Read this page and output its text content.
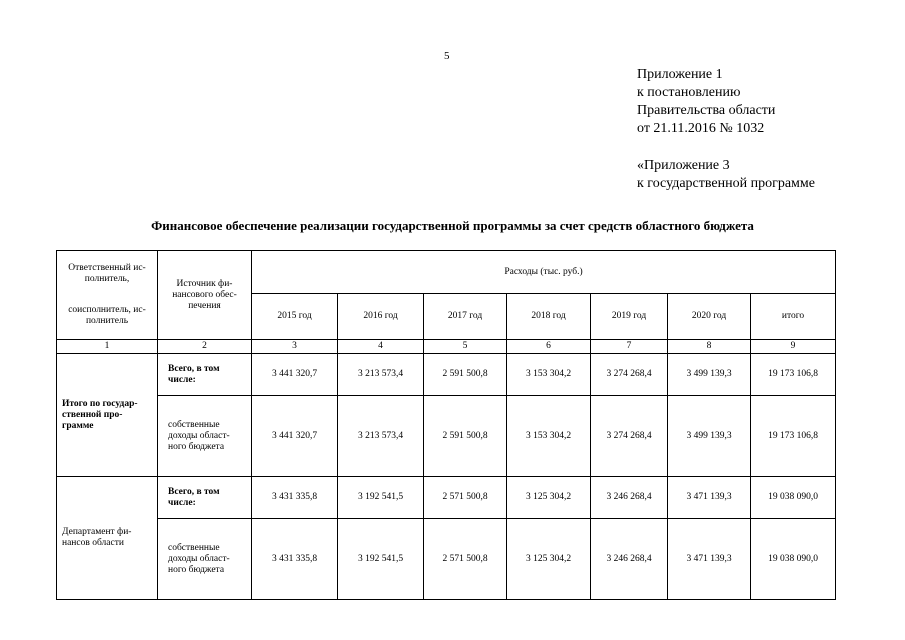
5
Приложение 1
к постановлению
Правительства области
от 21.11.2016 № 1032
«Приложение 3
к государственной программе
Финансовое обеспечение реализации государственной программы за счет средств областного бюджета
Ответственный ис-
полнитель,
соисполнитель, ис-
полнитель	Источник фи-
нансового обес-
печения	Расходы (тыс. руб.)						
		2015 год	2016 год	2017 год	2018 год	2019 год	2020 год	итого
1	2	3	4	5	6	7	8	9
Итого по государ-
ственной про-
грамме	Всего, в том
числе:	3 441 320,7	3 213 573,4	2 591 500,8	3 153 304,2	3 274 268,4	3 499 139,3	19 173 106,8
	собственные
доходы област-
ного бюджета	3 441 320,7	3 213 573,4	2 591 500,8	3 153 304,2	3 274 268,4	3 499 139,3	19 173 106,8
Департамент фи-
нансов области	Всего, в том
числе:	3 431 335,8	3 192 541,5	2 571 500,8	3 125 304,2	3 246 268,4	3 471 139,3	19 038 090,0
	собственные
доходы област-
ного бюджета	3 431 335,8	3 192 541,5	2 571 500,8	3 125 304,2	3 246 268,4	3 471 139,3	19 038 090,0
